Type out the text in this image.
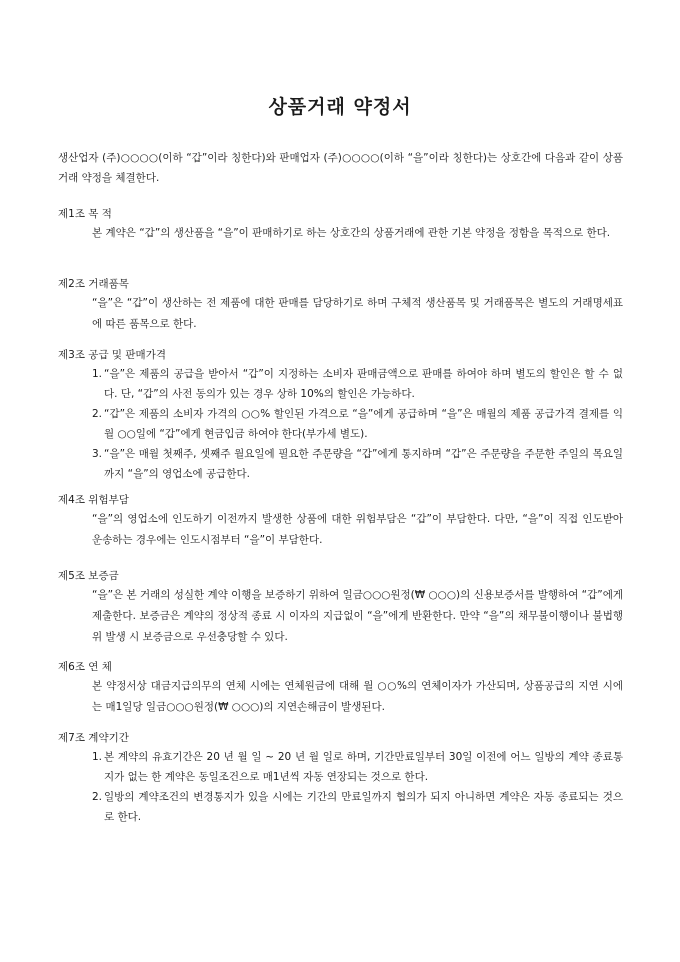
상품거래 약정서
생산업자 (주)○○○○(이하 “갑”이라 칭한다)와 판매업자 (주)○○○○(이하 “을”이라 칭한다)는 상호간에 다음과 같이 상품거래 약정을 체결한다.
제1조 목 적
본 계약은 “갑”의 생산품을 “을”이 판매하기로 하는 상호간의 상품거래에 관한 기본 약정을 정함을 목적으로 한다.
제2조 거래품목
“을”은 “갑”이 생산하는 전 제품에 대한 판매를 담당하기로 하며 구체적 생산품목 및 거래품목은 별도의 거래명세표에 따른 품목으로 한다.
제3조 공급 및 판매가격
1. “을”은 제품의 공급을 받아서 “갑”이 지정하는 소비자 판매금액으로 판매를 하여야 하며 별도의 할인은 할 수 없다. 단, “갑”의 사전 동의가 있는 경우 상하 10%의 할인은 가능하다.
2. “갑”은 제품의 소비자 가격의 ○○% 할인된 가격으로 “을”에게 공급하며 “을”은 매월의 제품 공급가격 결제를 익월 ○○일에 “갑”에게 현금입금 하여야 한다(부가세 별도).
3. “을”은 매월 첫째주, 셋째주 월요일에 필요한 주문량을 “갑”에게 통지하며 “갑”은 주문량을 주문한 주일의 목요일까지 “을”의 영업소에 공급한다.
제4조 위험부담
“을”의 영업소에 인도하기 이전까지 발생한 상품에 대한 위험부담은 “갑”이 부담한다. 다만, “을”이 직접 인도받아 운송하는 경우에는 인도시점부터 “을”이 부담한다.
제5조 보증금
“을”은 본 거래의 성실한 계약 이행을 보증하기 위하여 일금○○○원정(₩ ○○○)의 신용보증서를 발행하여 “갑”에게 제출한다. 보증금은 계약의 정상적 종료 시 이자의 지급없이 “을”에게 반환한다. 만약 “을”의 채무불이행이나 불법행위 발생 시 보증금으로 우선충당할 수 있다.
제6조 연 체
본 약정서상 대금지급의무의 연체 시에는 연체원금에 대해 월 ○○%의 연체이자가 가산되며, 상품공급의 지연 시에는 매1일당 일금○○○원정(₩ ○○○)의 지연손해금이 발생된다.
제7조 계약기간
1. 본 계약의 유효기간은 20 년 월 일 ~ 20 년 월 일로 하며, 기간만료일부터 30일 이전에 어느 일방의 계약 종료통지가 없는 한 계약은 동일조건으로 매1년씩 자동 연장되는 것으로 한다.
2. 일방의 계약조건의 변경통지가 있을 시에는 기간의 만료일까지 협의가 되지 아니하면 계약은 자동 종료되는 것으로 한다.
